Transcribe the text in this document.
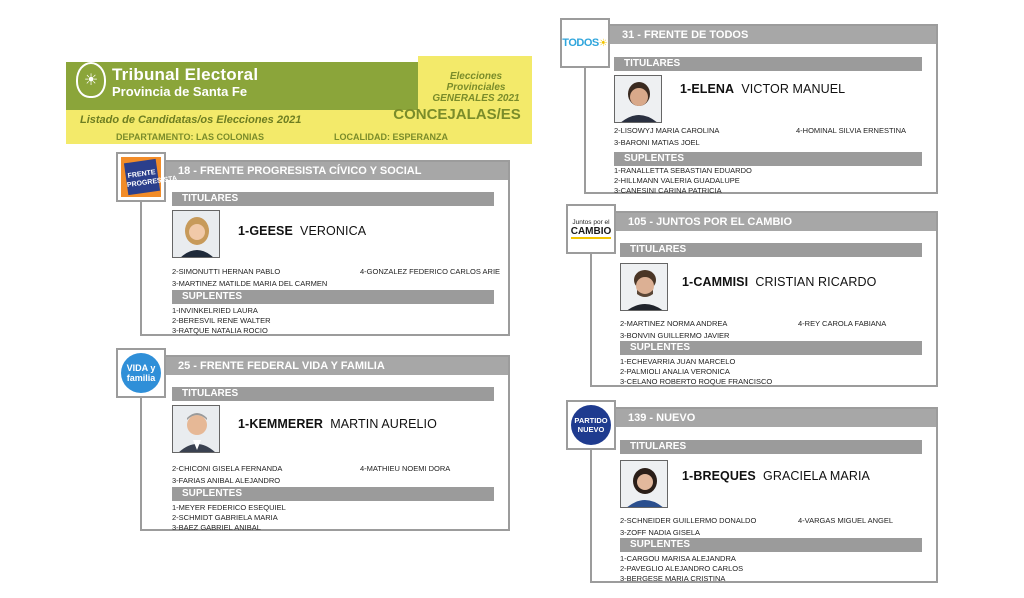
☀ Tribunal Electoral
Provincia de Santa Fe
Elecciones Provinciales
GENERALES 2021
CONCEJALAS/ES
Listado de Candidatas/os Elecciones 2021
DEPARTAMENTO: LAS COLONIAS	LOCALIDAD: ESPERANZA
18 - FRENTE PROGRESISTA CÍVICO Y SOCIAL
TITULARES
1-GEESE VERONICA
2-SIMONUTTI HERNAN PABLO	4-GONZALEZ FEDERICO CARLOS ARIE
3-MARTINEZ MATILDE MARIA DEL CARMEN
SUPLENTES
1-INVINKELRIED LAURA
2-BERESVIL RENE WALTER
3-RATQUE NATALIA ROCIO
FRENTE PROGRESISTA
25 - FRENTE FEDERAL VIDA Y FAMILIA
TITULARES
1-KEMMERER MARTIN AURELIO
2-CHICONI GISELA FERNANDA	4-MATHIEU NOEMI DORA
3-FARIAS ANIBAL ALEJANDRO
SUPLENTES
1-MEYER FEDERICO ESEQUIEL
2-SCHMIDT GABRIELA MARIA
3-BAEZ GABRIEL ANIBAL
VIDA y familia
31 - FRENTE DE TODOS
TITULARES
1-ELENA VICTOR MANUEL
2-LISOWYJ MARIA CAROLINA	4-HOMINAL SILVIA ERNESTINA
3-BARONI MATIAS JOEL
SUPLENTES
1-RANALLETTA SEBASTIAN EDUARDO
2-HILLMANN VALERIA GUADALUPE
3-CANESINI CARINA PATRICIA
TODOS ☀
105 - JUNTOS POR EL CAMBIO
TITULARES
1-CAMMISI CRISTIAN RICARDO
2-MARTINEZ NORMA ANDREA	4-REY CAROLA FABIANA
3-BONVIN GUILLERMO JAVIER
SUPLENTES
1-ECHEVARRIA JUAN MARCELO
2-PALMIOLI ANALIA VERONICA
3-CELANO ROBERTO ROQUE FRANCISCO
Juntos por el
CAMBIO
139 - NUEVO
TITULARES
1-BREQUES GRACIELA MARIA
2-SCHNEIDER GUILLERMO DONALDO	4-VARGAS MIGUEL ANGEL
3-ZOFF NADIA GISELA
SUPLENTES
1-CARGOU MARISA ALEJANDRA
2-PAVEGLIO ALEJANDRO CARLOS
3-BERGESE MARIA CRISTINA
PARTIDO NUEVO
